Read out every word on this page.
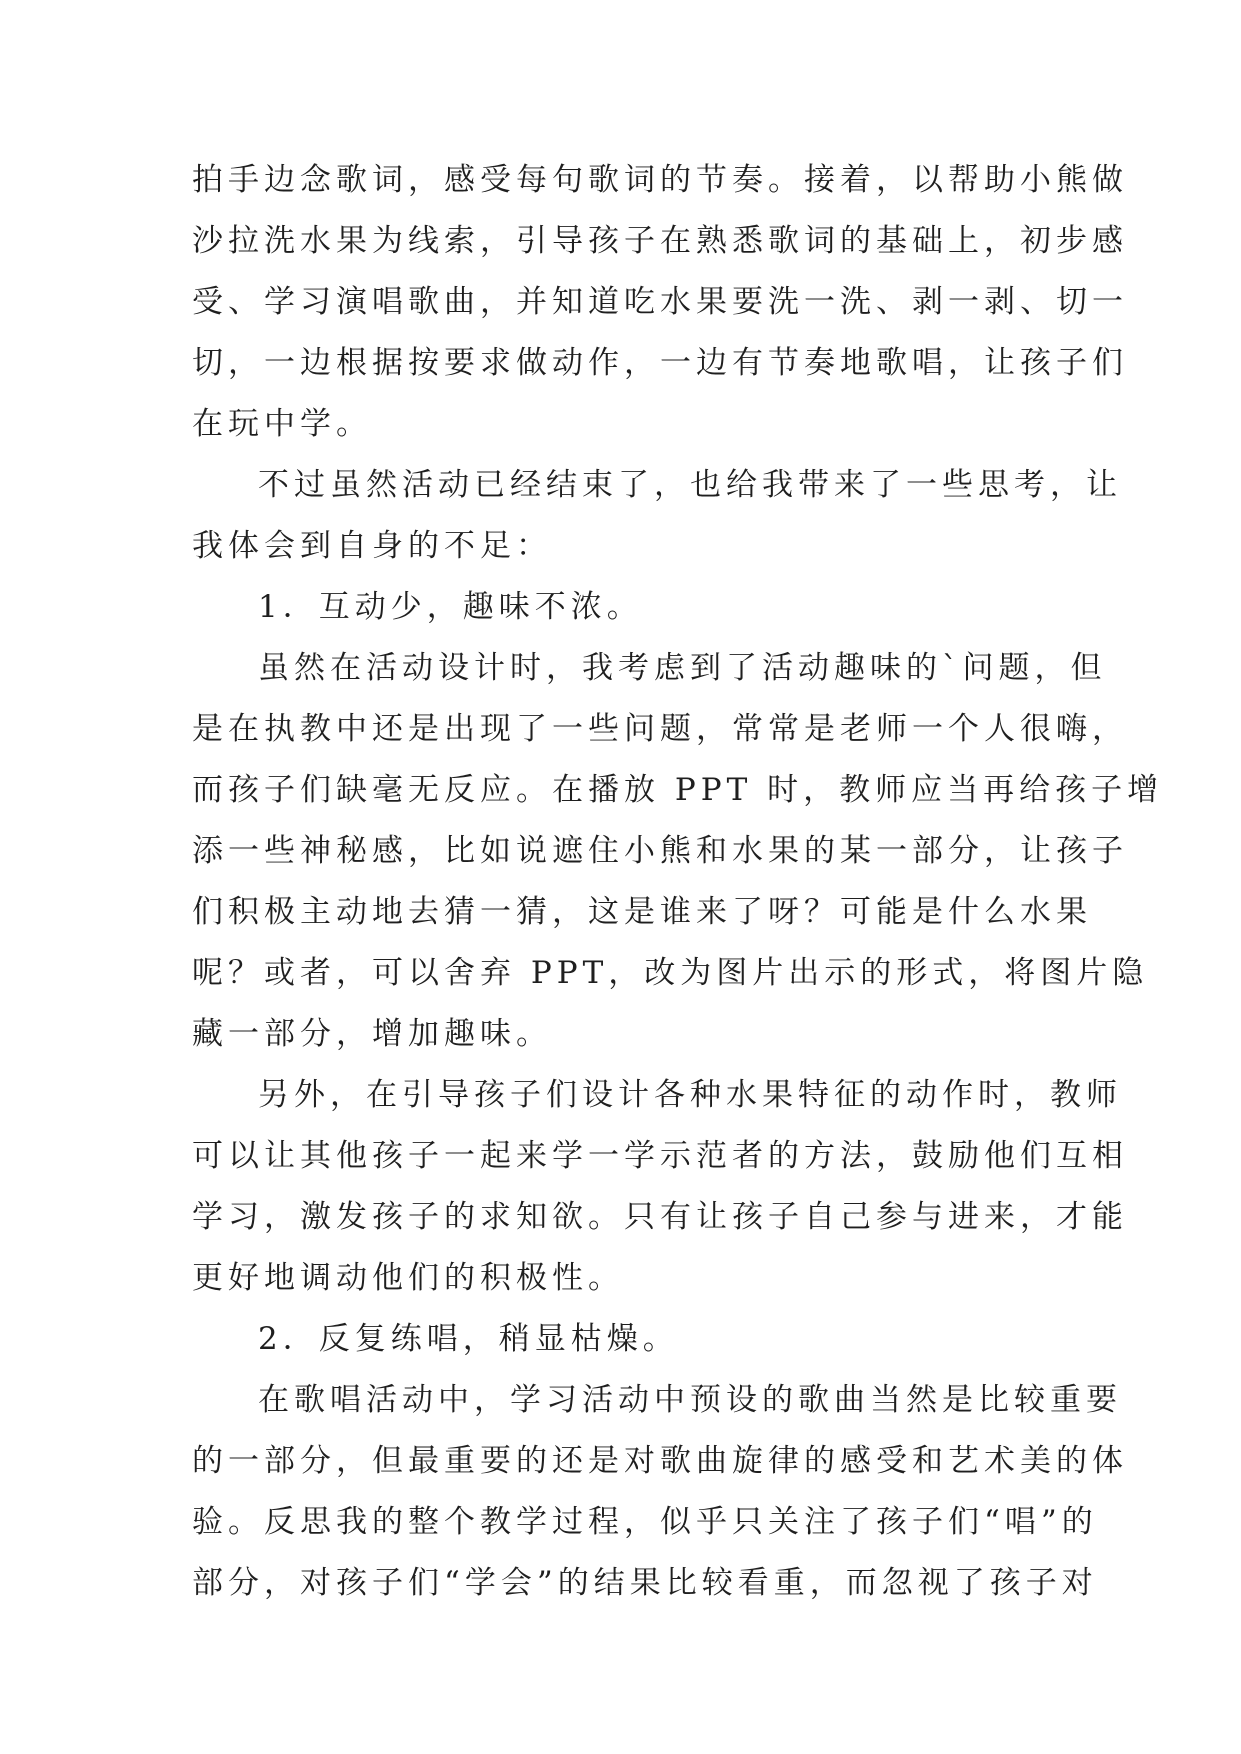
拍手边念歌词，感受每句歌词的节奏。接着，以帮助小熊做
沙拉洗水果为线索，引导孩子在熟悉歌词的基础上，初步感
受、学习演唱歌曲，并知道吃水果要洗一洗、剥一剥、切一
切，一边根据按要求做动作，一边有节奏地歌唱，让孩子们
在玩中学。
不过虽然活动已经结束了，也给我带来了一些思考，让
我体会到自身的不足：
1．互动少，趣味不浓。
虽然在活动设计时，我考虑到了活动趣味的`问题，但
是在执教中还是出现了一些问题，常常是老师一个人很嗨，
而孩子们缺毫无反应。在播放 PPT 时，教师应当再给孩子增
添一些神秘感，比如说遮住小熊和水果的某一部分，让孩子
们积极主动地去猜一猜，这是谁来了呀？可能是什么水果
呢？或者，可以舍弃 PPT，改为图片出示的形式，将图片隐
藏一部分，增加趣味。
另外，在引导孩子们设计各种水果特征的动作时，教师
可以让其他孩子一起来学一学示范者的方法，鼓励他们互相
学习，激发孩子的求知欲。只有让孩子自己参与进来，才能
更好地调动他们的积极性。
2．反复练唱，稍显枯燥。
在歌唱活动中，学习活动中预设的歌曲当然是比较重要
的一部分，但最重要的还是对歌曲旋律的感受和艺术美的体
验。反思我的整个教学过程，似乎只关注了孩子们“唱”的
部分，对孩子们“学会”的结果比较看重，而忽视了孩子对
